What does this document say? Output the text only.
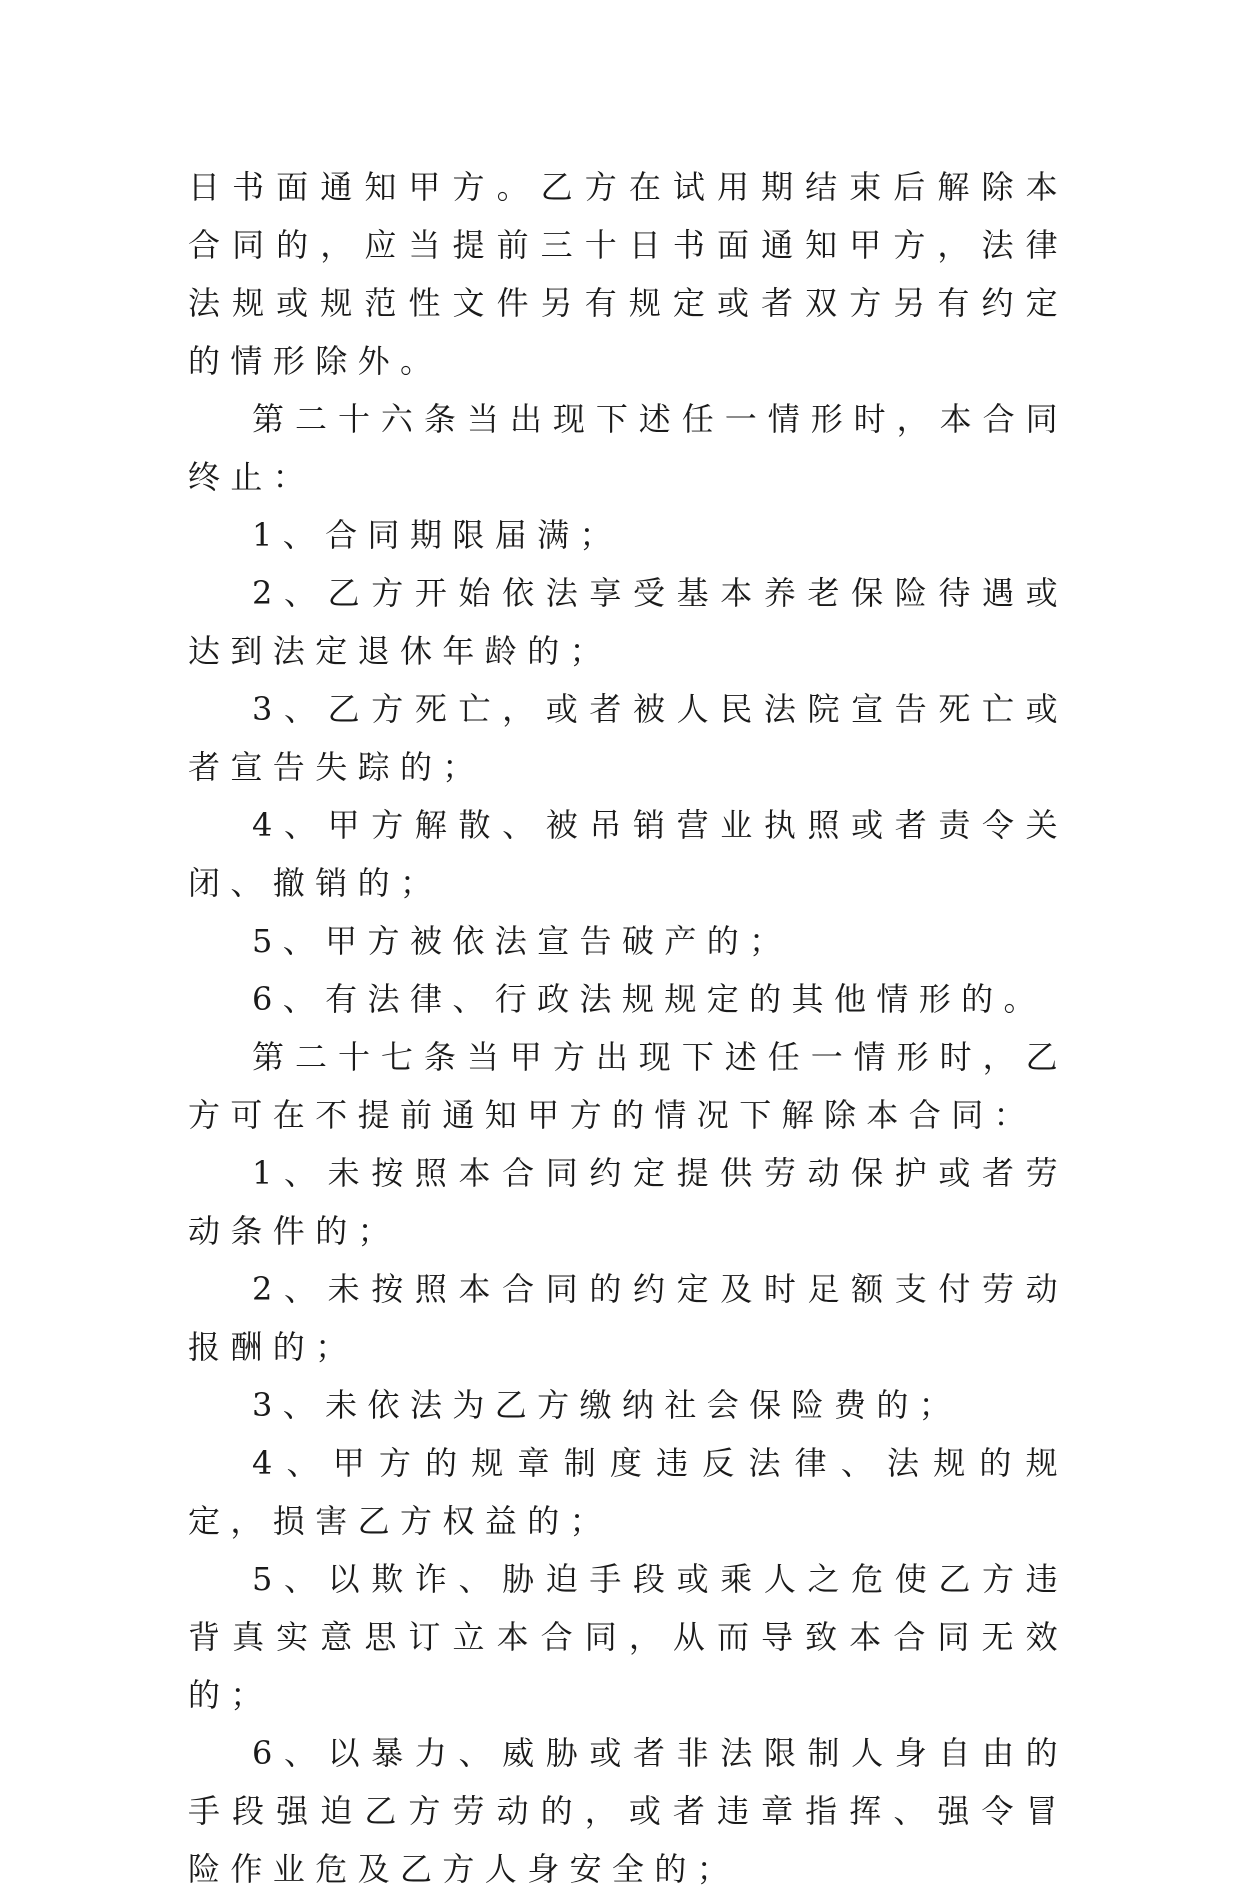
日书面通知甲方。乙方在试用期结束后解除本合同的，应当提前三十日书面通知甲方，法律法规或规范性文件另有规定或者双方另有约定的情形除外。

第二十六条当出现下述任一情形时，本合同终止：

1、合同期限届满；

2、乙方开始依法享受基本养老保险待遇或达到法定退休年龄的；

3、乙方死亡，或者被人民法院宣告死亡或者宣告失踪的；

4、甲方解散、被吊销营业执照或者责令关闭、撤销的；

5、甲方被依法宣告破产的；

6、有法律、行政法规规定的其他情形的。

第二十七条当甲方出现下述任一情形时，乙方可在不提前通知甲方的情况下解除本合同：

1、未按照本合同约定提供劳动保护或者劳动条件的；

2、未按照本合同的约定及时足额支付劳动报酬的；

3、未依法为乙方缴纳社会保险费的；

4、甲方的规章制度违反法律、法规的规定，损害乙方权益的；

5、以欺诈、胁迫手段或乘人之危使乙方违背真实意思订立本合同，从而导致本合同无效的；

6、以暴力、威胁或者非法限制人身自由的手段强迫乙方劳动的，或者违章指挥、强令冒险作业危及乙方人身安全的；
